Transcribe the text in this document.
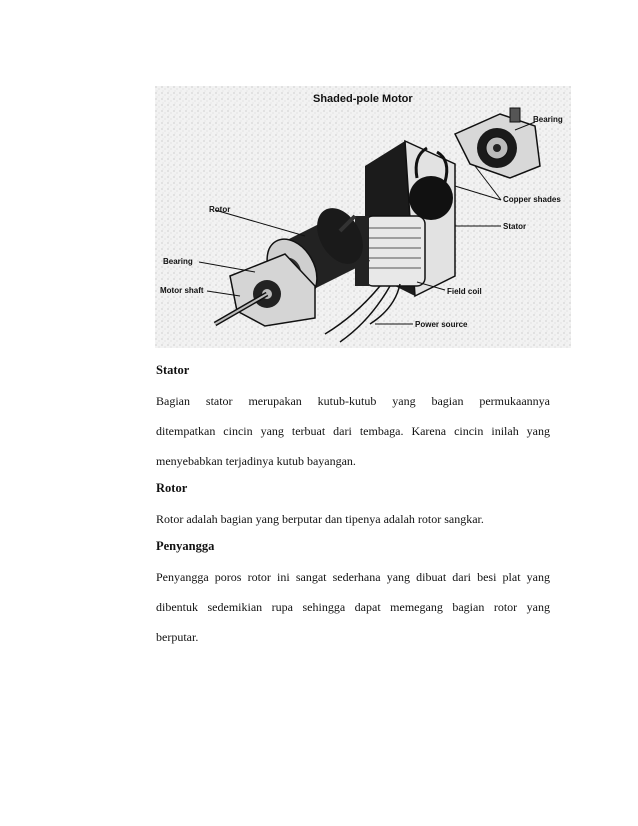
Shaded-pole Motor
Bearing
Copper shades
Stator
Rotor
Bearing
Motor shaft	Field coil
Power source
Stator
Bagian stator merupakan kutub-kutub yang bagian permukaannya
ditempatkan cincin yang terbuat dari tembaga. Karena cincin inilah yang
menyebabkan terjadinya kutub bayangan.
Rotor
Rotor adalah bagian yang berputar dan tipenya adalah rotor sangkar.
Penyangga
Penyangga poros rotor ini sangat sederhana yang dibuat dari besi plat yang
dibentuk sedemikian rupa sehingga dapat memegang bagian rotor yang
berputar.
